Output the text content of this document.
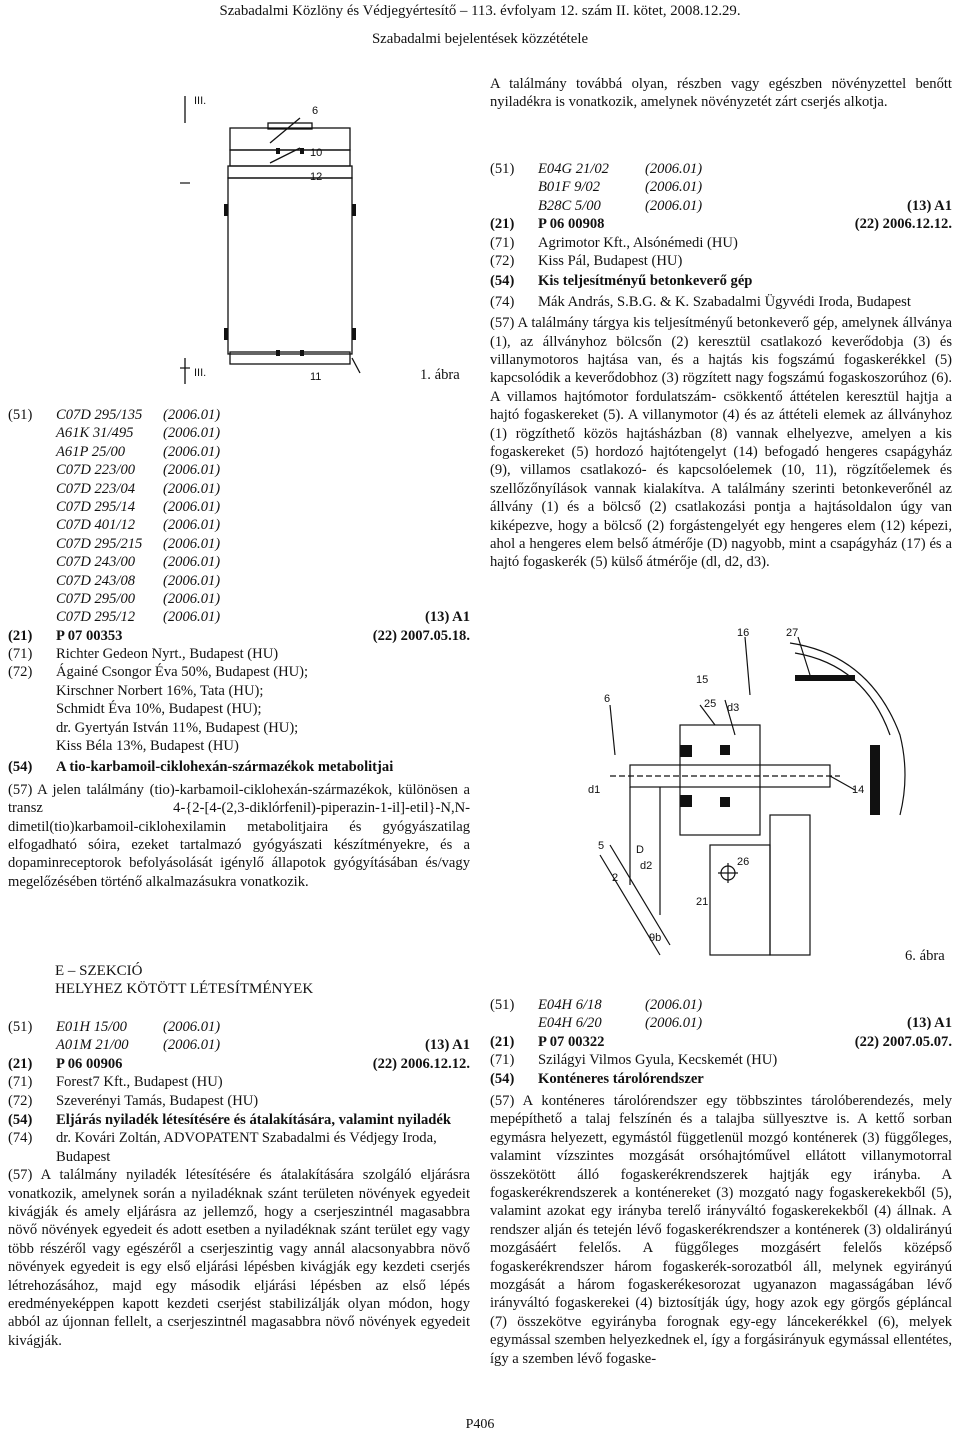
Szabadalmi Közlöny és Védjegyértesítő – 113. évfolyam 12. szám II. kötet, 2008.12.29.
Szabadalmi bejelentések közzététele
III.
6
10
12
III.	11	1. ábra
(51) C07D 295/135 (2006.01)
A61K 31/495 (2006.01)
A61P 25/00	(2006.01)
C07D 223/00 (2006.01)
C07D 223/04 (2006.01)
C07D 295/14 (2006.01)
C07D 401/12 (2006.01)
C07D 295/215 (2006.01)
C07D 243/00 (2006.01)
C07D 243/08 (2006.01)
C07D 295/00 (2006.01)
C07D 295/12 (2006.01)	(13) A1
(21) P 07 00353	(22) 2007.05.18.
(71) Richter Gedeon Nyrt., Budapest (HU)
(72) Ágainé Csongor Éva 50%, Budapest (HU);
Kirschner Norbert 16%, Tata (HU);
Schmidt Éva 10%, Budapest (HU);
dr. Gyertyán István 11%, Budapest (HU);
Kiss Béla 13%, Budapest (HU)
(54) A tio-karbamoil-ciklohexán-származékok metabolitjai
(57) A jelen találmány (tio)-karbamoil-ciklohexán-származékok, különösen a transz 4-{2-[4-(2,3-diklórfenil)-piperazin-1-il]-etil}-N,N-dimetil(tio)karbamoil-ciklohexilamin metabolitjaira és gyógyászatilag elfogadható sóira, ezeket tartalmazó gyógyászati készítményekre, és a dopaminreceptorok befolyásolását igénylő állapotok gyógyításában és/vagy megelőzésében történő alkalmazásukra vonatkozik.
E – SZEKCIÓ
HELYHEZ KÖTÖTT LÉTESÍTMÉNYEK
(51) E01H 15/00 (2006.01)
A01M 21/00 (2006.01)	(13) A1
(21) P 06 00906	(22) 2006.12.12.
(71) Forest7 Kft., Budapest (HU)
(72) Szeverényi Tamás, Budapest (HU)
(54)	Eljárás nyiladék létesítésére és átalakítására, valamint nyiladék
(74)	dr. Kovári Zoltán, ADVOPATENT Szabadalmi és Védjegy Iroda, Budapest
(57) A találmány nyiladék létesítésére és átalakítására szolgáló eljárásra vonatkozik, amelynek során a nyiladéknak szánt területen növények egyedeit kivágják és amely eljárásra az jellemző, hogy a cserjeszintnél magasabbra növő növények egyedeit és adott esetben a nyiladéknak szánt terület egy vagy több részéről vagy egészéről a cserjeszintig vagy annál alacsonyabbra növő növények egyedeit is egy első eljárási lépésben kivágják egy kezdeti cserjés létrehozásához, majd egy második eljárási lépésben az első lépés eredményeképpen kapott kezdeti cserjést stabilizálják olyan módon, hogy abból az újonnan fellelt, a cserjeszintnél magasabbra növő növények egyedeit kivágják.
A találmány továbbá olyan, részben vagy egészben növényzettel benőtt nyiladékra is vonatkozik, amelynek növényzetét zárt cserjés alkotja.
(51) E04G 21/02 (2006.01)
B01F 9/02	(2006.01)
B28C 5/00	(2006.01)	(13) A1
(21) P 06 00908	(22) 2006.12.12.
(71) Agrimotor Kft., Alsónémedi (HU)
(72) Kiss Pál, Budapest (HU)
(54) Kis teljesítményű betonkeverő gép
(74) Mák András, S.B.G. & K. Szabadalmi Ügyvédi Iroda, Budapest
(57) A találmány tárgya kis teljesítményű betonkeverő gép, amelynek állványa (1), az állványhoz bölcsőn (2) keresztül csatlakozó keverődobja (3) és villanymotoros hajtása van, és a hajtás kis fogszámú fogaskerékkel (5) kapcsolódik a keverődobhoz (3) rögzített nagy fogszámú fogaskoszorúhoz (6). A villamos hajtómotor fordulatszám- csökkentő áttételen keresztül hajtja a hajtó fogaskereket (5). A villanymotor (4) és az áttételi elemek az állványhoz (1) rögzíthető közös hajtásházban (8) vannak elhelyezve, amelyen a kis fogaskereket (5) hordozó hajtótengelyt (14) befogadó hengeres csapágyház (9), villamos csatlakozó- és kapcsolóelemek (10, 11), rögzítőelemek és szellőzőnyílások vannak kialakítva. A találmány szerinti betonkeverőnél az állvány (1) és a bölcső (2) csatlakozási pontja a hajtásoldalon úgy van kiképezve, hogy a bölcső (2) forgástengelyét egy hengeres elem (12) képezi, ahol a hengeres elem belső átmérője (D) nagyobb, mint a csapágyház (17) és a hajtó fogaskerék (5) külső átmérője (dl, d2, d3).
16	27
15
6	25 d3
d1	14
5	D
d2
2
26
21
9b
6. ábra
(51) E04H 6/18	(2006.01)
E04H 6/20	(2006.01)	(13) A1
(21) P 07 00322	(22) 2007.05.07.
(71) Szilágyi Vilmos Gyula, Kecskemét (HU)
(54) Konténeres tárolórendszer
(57) A konténeres tárolórendszer egy többszintes tárolóberendezés, mely mepépíthető a talaj felszínén és a talajba süllyesztve is. A kettő sorban egymásra helyezett, egymástól függetlenül mozgó konténerek (3) függőleges, valamint vízszintes mozgását orsóhajtóművel ellátott villanymotorral összekötött álló fogaskerékrendszerek hajtják egy irányba. A fogaskerékrendszerek a konténereket (3) mozgató nagy fogaskerekekből (5), valamint azokat egy irányba terelő irányváltó fogaskerekekből (4) állnak. A rendszer alján és tetején lévő fogaskerékrendszer a konténerek (3) oldalirányú mozgásáért felelős. A függőleges mozgásért felelős középső fogaskerékrendszer három fogaskerék-sorozatból áll, melynek egyirányú mozgását a három fogaskerékesorozat ugyanazon magasságában lévő irányváltó fogaskerekei (4) biztosítják úgy, hogy azok egy görgős gépláncal (7) összekötve egyirányba forognak egy-egy láncekerékkel (6), melyek egymással szemben helyezkednek el, így a forgásirányuk egymással ellentétes, így a szemben lévő fogaske-
P406
